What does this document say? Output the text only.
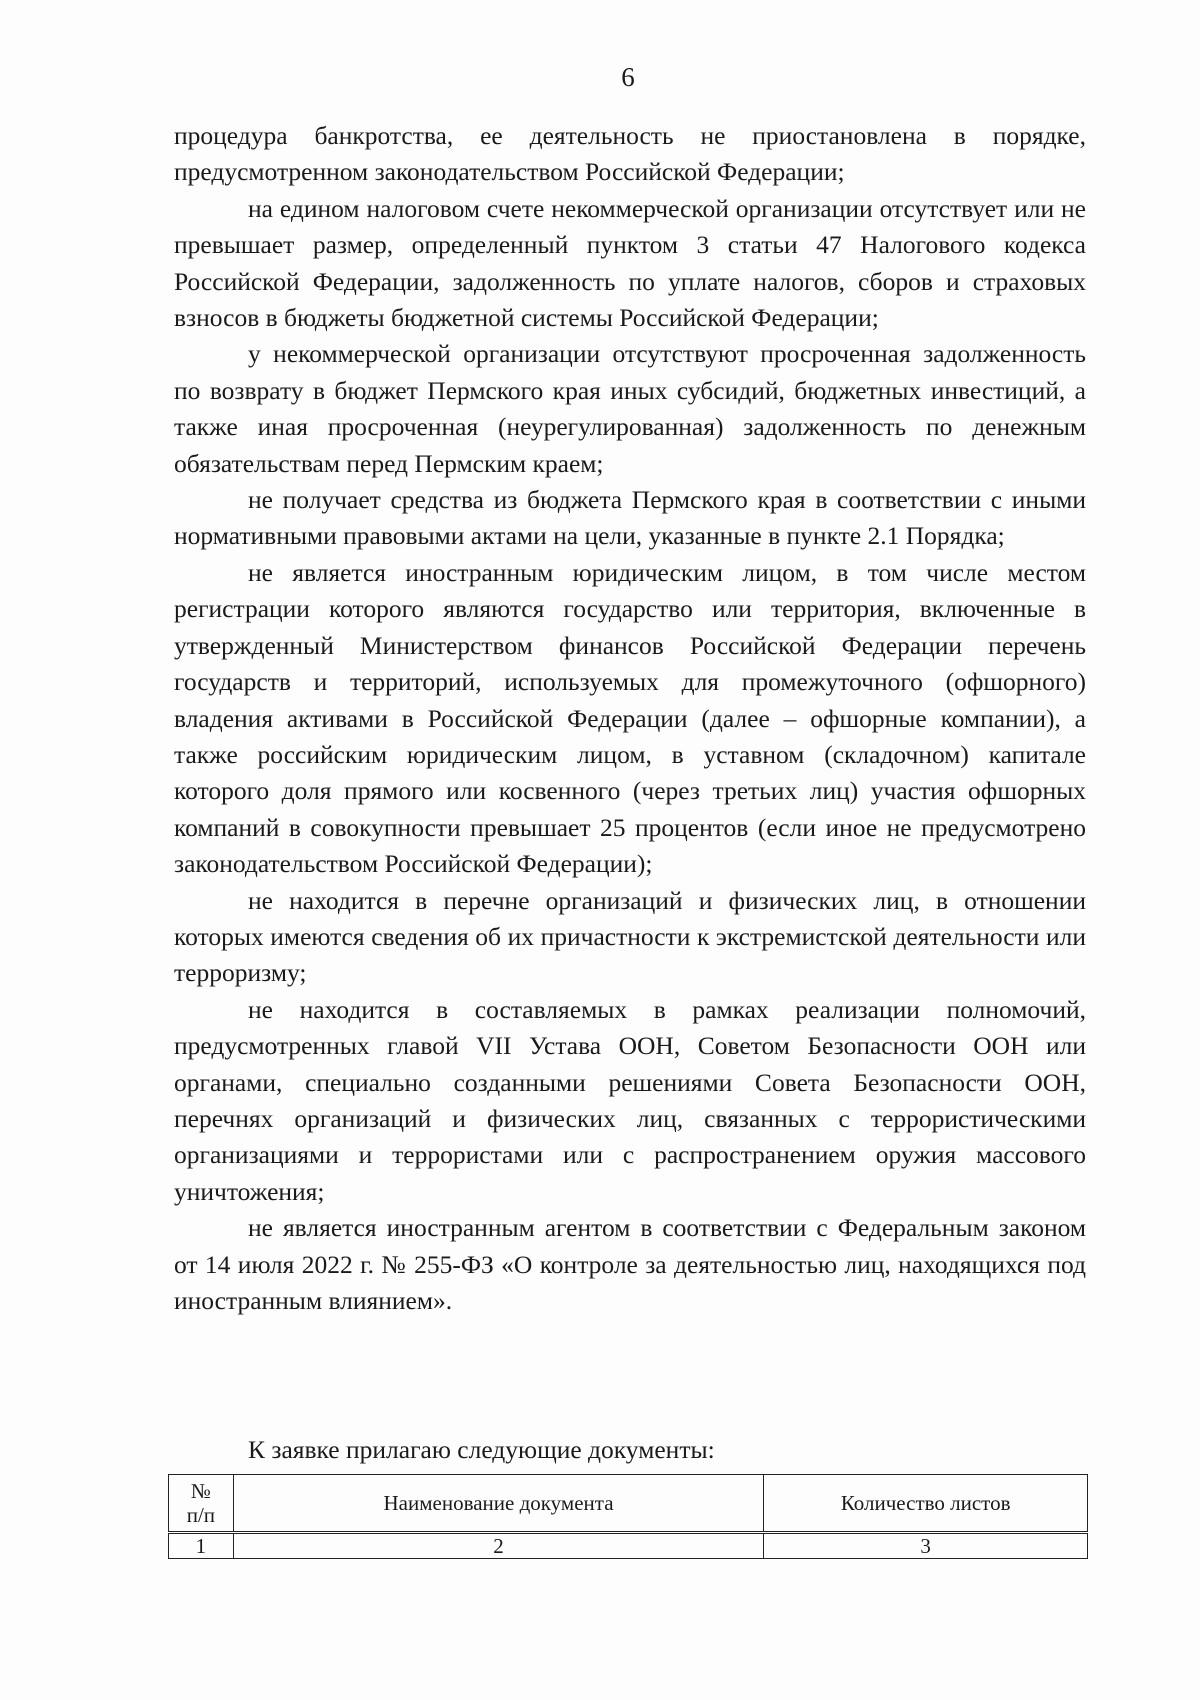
6

процедура банкротства, ее деятельность не приостановлена в порядке, предусмотренном законодательством Российской Федерации;

на едином налоговом счете некоммерческой организации отсутствует или не превышает размер, определенный пунктом 3 статьи 47 Налогового кодекса Российской Федерации, задолженность по уплате налогов, сборов и страховых взносов в бюджеты бюджетной системы Российской Федерации;

у некоммерческой организации отсутствуют просроченная задолженность по возврату в бюджет Пермского края иных субсидий, бюджетных инвестиций, а также иная просроченная (неурегулированная) задолженность по денежным обязательствам перед Пермским краем;

не получает средства из бюджета Пермского края в соответствии с иными нормативными правовыми актами на цели, указанные в пункте 2.1 Порядка;

не является иностранным юридическим лицом, в том числе местом регистрации которого являются государство или территория, включенные в утвержденный Министерством финансов Российской Федерации перечень государств и территорий, используемых для промежуточного (офшорного) владения активами в Российской Федерации (далее – офшорные компании), а также российским юридическим лицом, в уставном (складочном) капитале которого доля прямого или косвенного (через третьих лиц) участия офшорных компаний в совокупности превышает 25 процентов (если иное не предусмотрено законодательством Российской Федерации);

не находится в перечне организаций и физических лиц, в отношении которых имеются сведения об их причастности к экстремистской деятельности или терроризму;

не находится в составляемых в рамках реализации полномочий, предусмотренных главой VII Устава ООН, Советом Безопасности ООН или органами, специально созданными решениями Совета Безопасности ООН, перечнях организаций и физических лиц, связанных с террористическими организациями и террористами или с распространением оружия массового уничтожения;

не является иностранным агентом в соответствии с Федеральным законом от 14 июля 2022 г. № 255-ФЗ «О контроле за деятельностью лиц, находящихся под иностранным влиянием».

К заявке прилагаю следующие документы:
№
п/п	Наименование документа	Количество листов
1	2	3
